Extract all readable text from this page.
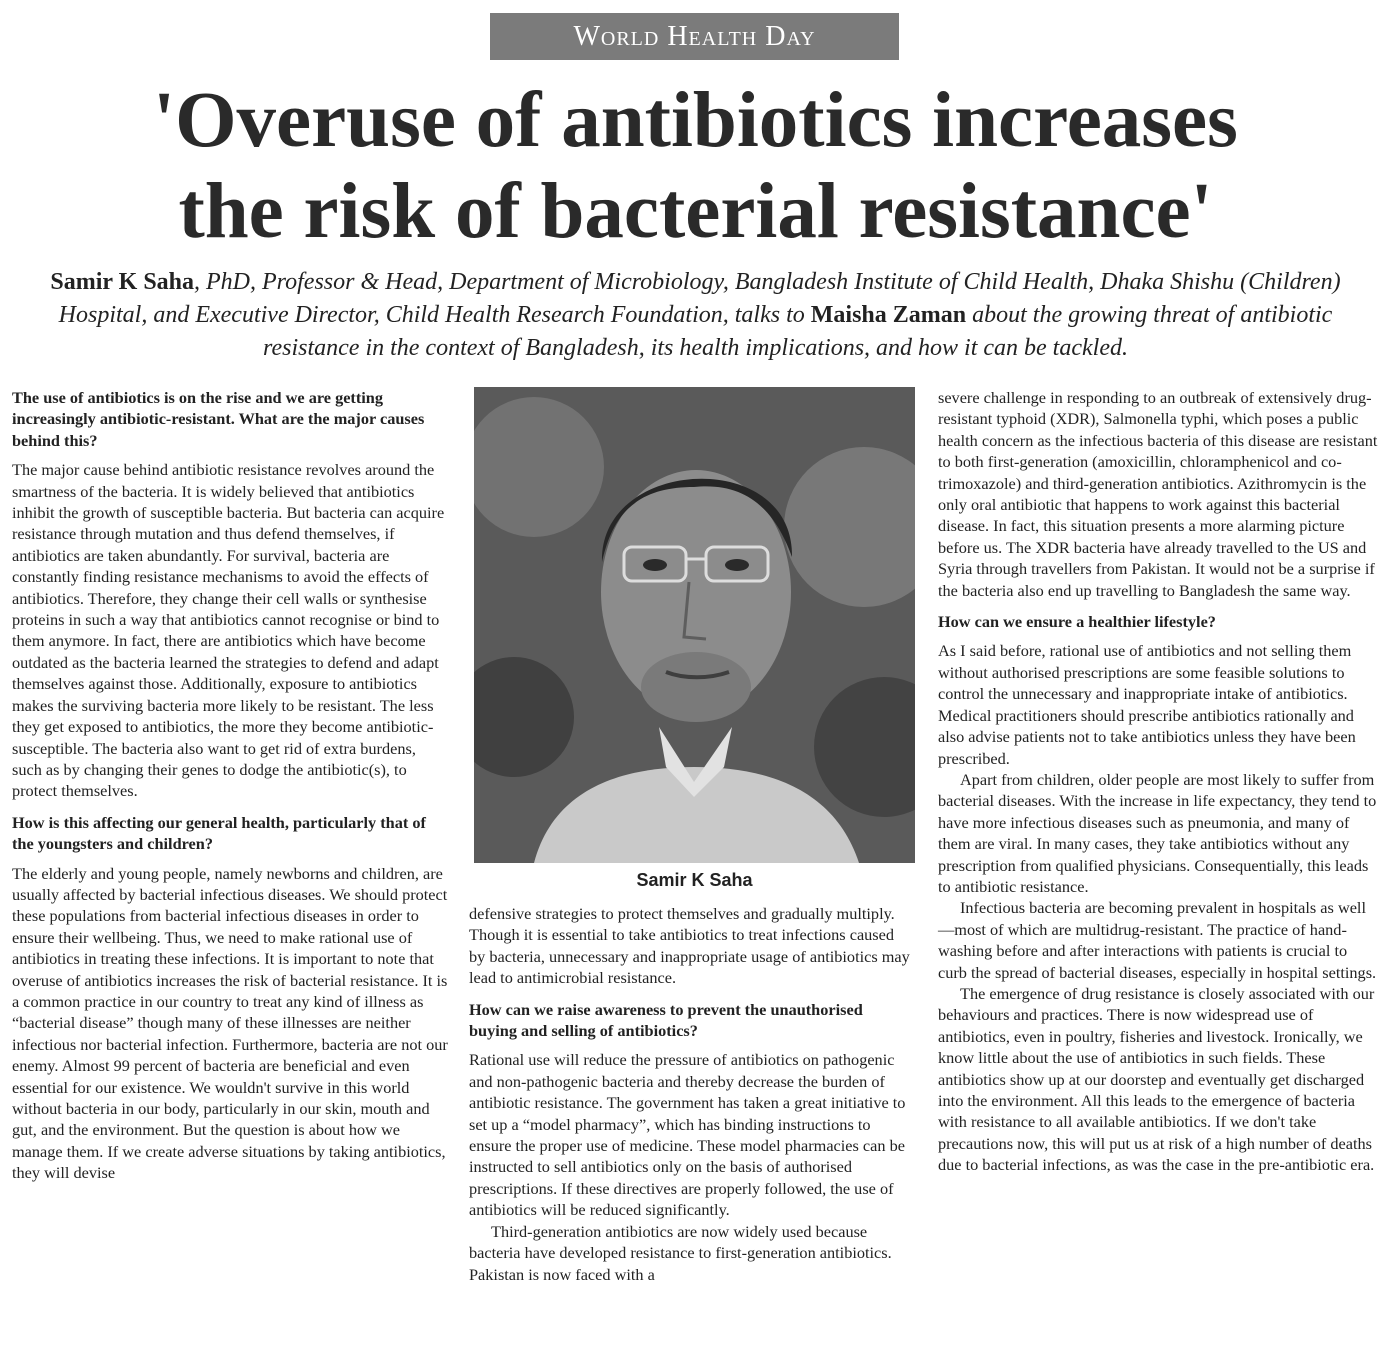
World Health Day
'Overuse of antibiotics increases
the risk of bacterial resistance'
Samir K Saha, PhD, Professor & Head, Department of Microbiology, Bangladesh Institute of Child Health, Dhaka Shishu (Children) Hospital, and Executive Director, Child Health Research Foundation, talks to Maisha Zaman about the growing threat of antibiotic resistance in the context of Bangladesh, its health implications, and how it can be tackled.

The use of antibiotics is on the rise and we are getting increasingly antibiotic-resistant. What are the major causes behind this?

The major cause behind antibiotic resistance revolves around the smartness of the bacteria. It is widely believed that antibiotics inhibit the growth of susceptible bacteria. But bacteria can acquire resistance through mutation and thus defend themselves, if antibiotics are taken abundantly. For survival, bacteria are constantly finding resistance mechanisms to avoid the effects of antibiotics. Therefore, they change their cell walls or synthesise proteins in such a way that antibiotics cannot recognise or bind to them anymore. In fact, there are antibiotics which have become outdated as the bacteria learned the strategies to defend and adapt themselves against those. Additionally, exposure to antibiotics makes the surviving bacteria more likely to be resistant. The less they get exposed to antibiotics, the more they become antibiotic-susceptible. The bacteria also want to get rid of extra burdens, such as by changing their genes to dodge the antibiotic(s), to protect themselves.

How is this affecting our general health, particularly that of the youngsters and children?

The elderly and young people, namely newborns and children, are usually affected by bacterial infectious diseases. We should protect these populations from bacterial infectious diseases in order to ensure their wellbeing. Thus, we need to make rational use of antibiotics in treating these infections. It is important to note that overuse of antibiotics increases the risk of bacterial resistance. It is a common practice in our country to treat any kind of illness as “bacterial disease” though many of these illnesses are neither infectious nor bacterial infection. Furthermore, bacteria are not our enemy. Almost 99 percent of bacteria are beneficial and even essential for our existence. We wouldn't survive in this world without bacteria in our body, particularly in our skin, mouth and gut, and the environment. But the question is about how we manage them. If we create adverse situations by taking antibiotics, they will devise

Samir K Saha

defensive strategies to protect themselves and gradually multiply. Though it is essential to take antibiotics to treat infections caused by bacteria, unnecessary and inappropriate usage of antibiotics may lead to antimicrobial resistance.

How can we raise awareness to prevent the unauthorised buying and selling of antibiotics?

Rational use will reduce the pressure of antibiotics on pathogenic and non-pathogenic bacteria and thereby decrease the burden of antibiotic resistance. The government has taken a great initiative to set up a “model pharmacy”, which has binding instructions to ensure the proper use of medicine. These model pharmacies can be instructed to sell antibiotics only on the basis of authorised prescriptions. If these directives are properly followed, the use of antibiotics will be reduced significantly.

Third-generation antibiotics are now widely used because bacteria have developed resistance to first-generation antibiotics. Pakistan is now faced with a

severe challenge in responding to an outbreak of extensively drug-resistant typhoid (XDR), Salmonella typhi, which poses a public health concern as the infectious bacteria of this disease are resistant to both first-generation (amoxicillin, chloramphenicol and co-trimoxazole) and third-generation antibiotics. Azithromycin is the only oral antibiotic that happens to work against this bacterial disease. In fact, this situation presents a more alarming picture before us. The XDR bacteria have already travelled to the US and Syria through travellers from Pakistan. It would not be a surprise if the bacteria also end up travelling to Bangladesh the same way.

How can we ensure a healthier lifestyle?

As I said before, rational use of antibiotics and not selling them without authorised prescriptions are some feasible solutions to control the unnecessary and inappropriate intake of antibiotics. Medical practitioners should prescribe antibiotics rationally and also advise patients not to take antibiotics unless they have been prescribed.

Apart from children, older people are most likely to suffer from bacterial diseases. With the increase in life expectancy, they tend to have more infectious diseases such as pneumonia, and many of them are viral. In many cases, they take antibiotics without any prescription from qualified physicians. Consequentially, this leads to antibiotic resistance.

Infectious bacteria are becoming prevalent in hospitals as well—most of which are multidrug-resistant. The practice of hand-washing before and after interactions with patients is crucial to curb the spread of bacterial diseases, especially in hospital settings.

The emergence of drug resistance is closely associated with our behaviours and practices. There is now widespread use of antibiotics, even in poultry, fisheries and livestock. Ironically, we know little about the use of antibiotics in such fields. These antibiotics show up at our doorstep and eventually get discharged into the environment. All this leads to the emergence of bacteria with resistance to all available antibiotics. If we don't take precautions now, this will put us at risk of a high number of deaths due to bacterial infections, as was the case in the pre-antibiotic era.
